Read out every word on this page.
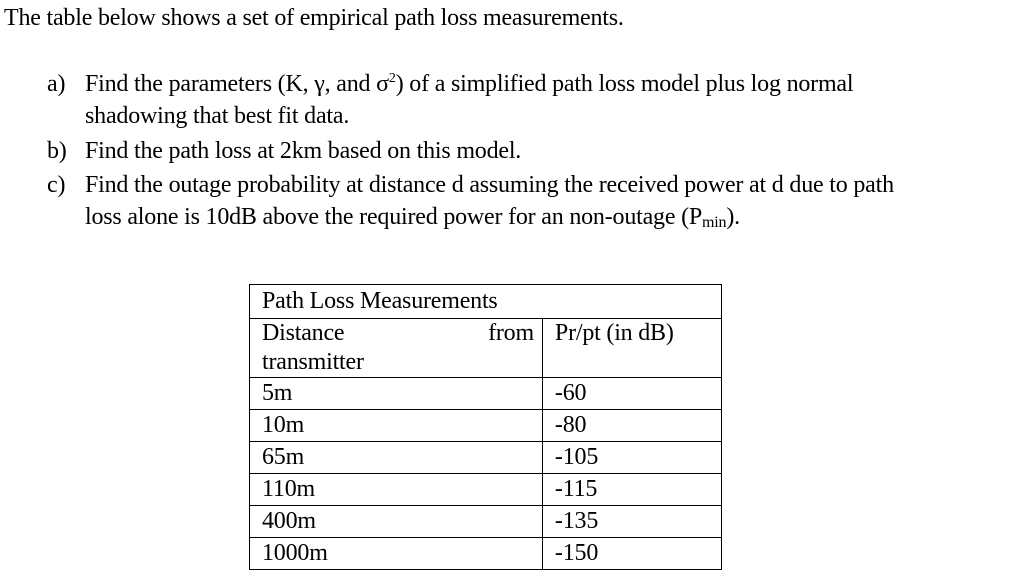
The table below shows a set of empirical path loss measurements.
a) Find the parameters (K, γ, and $\sigma^2$) of a simplified path loss model plus log normal
shadowing that best fit data.
b) Find the path loss at 2km based on this model.
c) Find the outage probability at distance d assuming the received power at d due to path
loss alone is 10dB above the required power for an non-outage $(P_{min})$.
Path Loss Measurements	

Distance from
transmitter	Pr/pt (in dB)
5m	-60
10m	-80
65m	-105
110m	-115
400m	-135
1000m	-150
